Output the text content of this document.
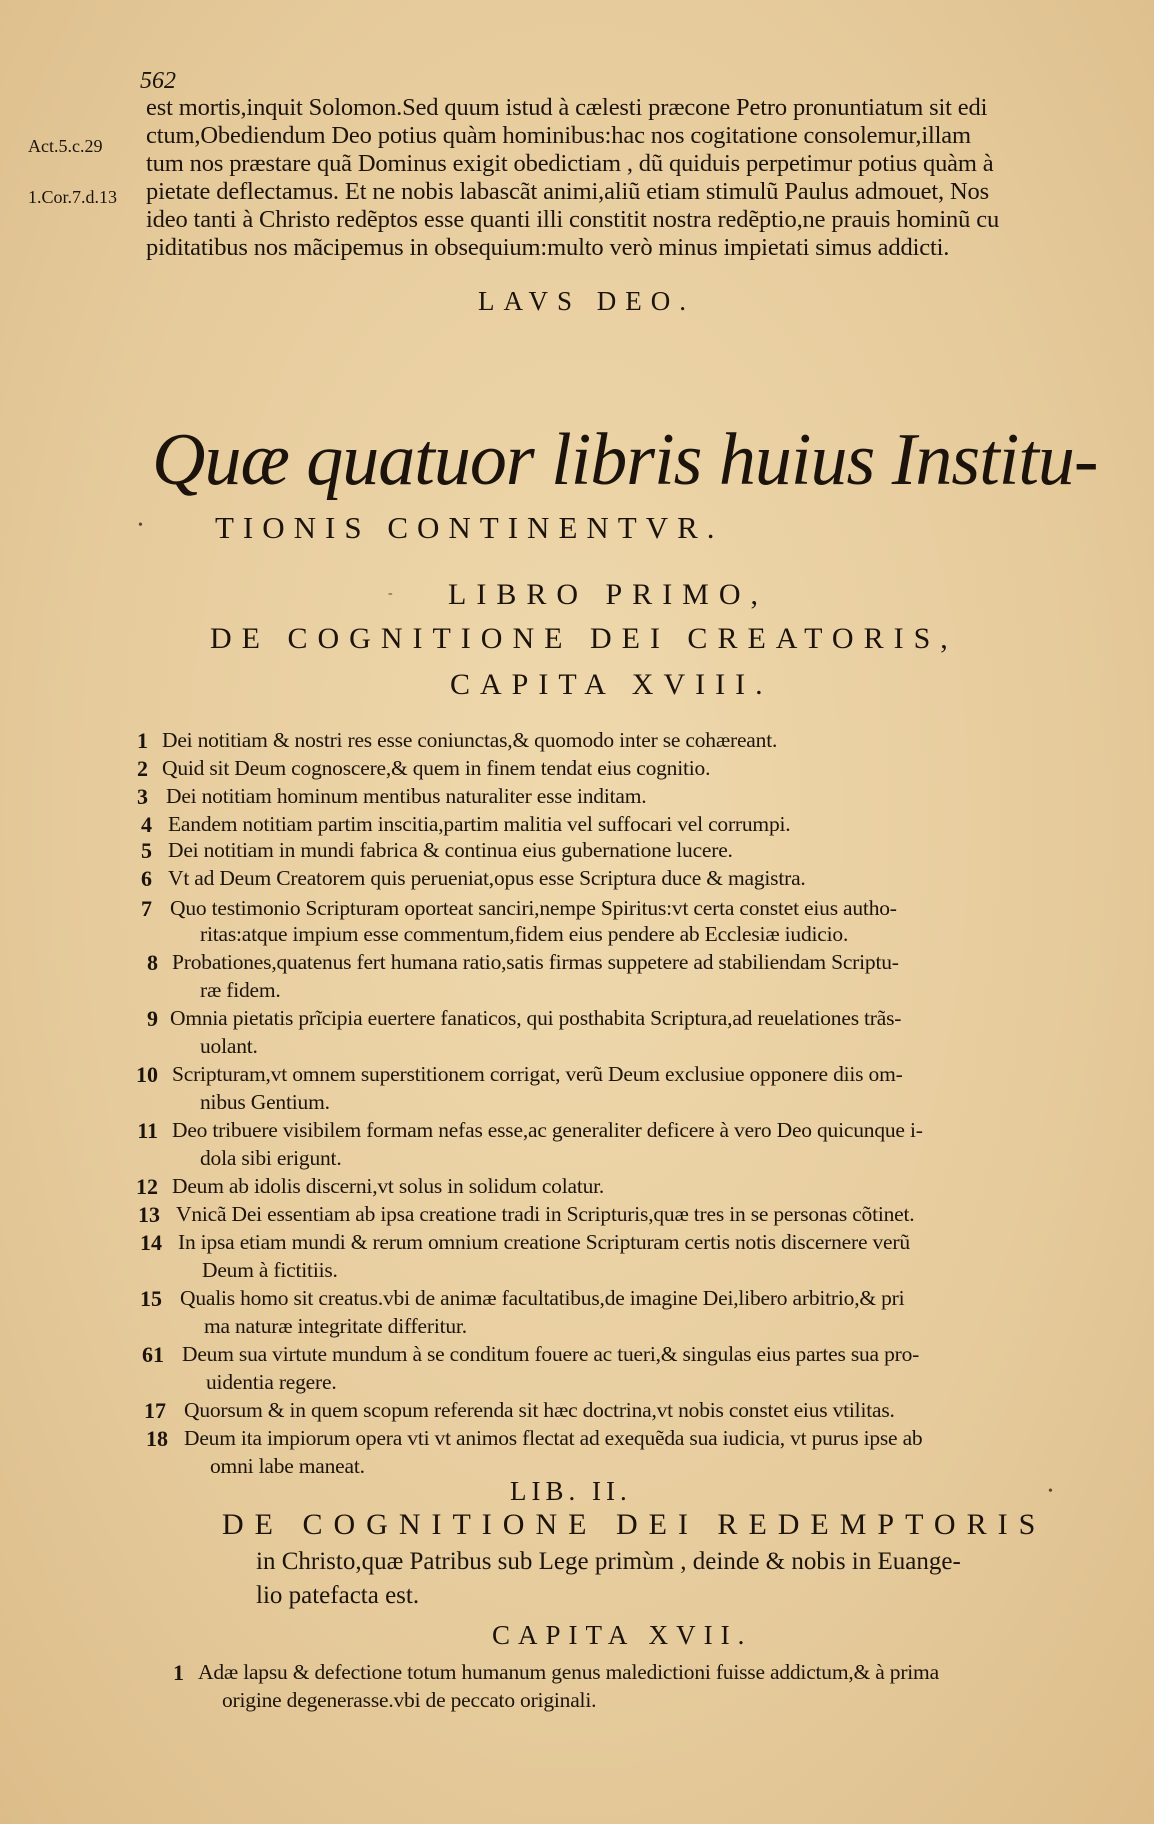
562
Act.5.c.29
1.Cor.7.d.13
est mortis,inquit Solomon.Sed quum istud à cælesti præcone Petro pronuntiatum sit edi
ctum,Obediendum Deo potius quàm hominibus:hac nos cogitatione consolemur,illam
tum nos præstare quã Dominus exigit obedictiam , dũ quiduis perpetimur potius quàm à
pietate deflectamus. Et ne nobis labascãt animi,aliũ etiam stimulũ Paulus admouet, Nos
ideo tanti à Christo redẽptos esse quanti illi constitit nostra redẽptio,ne prauis hominũ cu
piditatibus nos mãcipemus in obsequium:multo verò minus impietati simus addicti.
LAVS DEO.
Quæ quatuor libris huius Institu-
TIONIS CONTINENTVR.
LIBRO PRIMO,
DE COGNITIONE DEI CREATORIS,
CAPITA XVIII.
1 Dei notitiam & nostri res esse coniunctas,& quomodo inter se cohæreant.
2 Quid sit Deum cognoscere,& quem in finem tendat eius cognitio.
3 Dei notitiam hominum mentibus naturaliter esse inditam.
4 Eandem notitiam partim inscitia,partim malitia vel suffocari vel corrumpi.
5 Dei notitiam in mundi fabrica & continua eius gubernatione lucere.
6 Vt ad Deum Creatorem quis perueniat,opus esse Scriptura duce & magistra.
7 Quo testimonio Scripturam oporteat sanciri,nempe Spiritus:vt certa constet eius autho-
ritas:atque impium esse commentum,fidem eius pendere ab Ecclesiæ iudicio.
8 Probationes,quatenus fert humana ratio,satis firmas suppetere ad stabiliendam Scriptu-
ræ fidem.
9 Omnia pietatis prĩcipia euertere fanaticos, qui posthabita Scriptura,ad reuelationes trãs-
uolant.
10 Scripturam,vt omnem superstitionem corrigat, verũ Deum exclusiue opponere diis om-
nibus Gentium.
11 Deo tribuere visibilem formam nefas esse,ac generaliter deficere à vero Deo quicunque i-
dola sibi erigunt.
12 Deum ab idolis discerni,vt solus in solidum colatur.
13 Vnicã Dei essentiam ab ipsa creatione tradi in Scripturis,quæ tres in se personas cõtinet.
14 In ipsa etiam mundi & rerum omnium creatione Scripturam certis notis discernere verũ
Deum à fictitiis.
15 Qualis homo sit creatus.vbi de animæ facultatibus,de imagine Dei,libero arbitrio,& pri
ma naturæ integritate differitur.
61 Deum sua virtute mundum à se conditum fouere ac tueri,& singulas eius partes sua pro-
uidentia regere.
17 Quorsum & in quem scopum referenda sit hæc doctrina,vt nobis constet eius vtilitas.
18 Deum ita impiorum opera vti vt animos flectat ad exequẽda sua iudicia, vt purus ipse ab
omni labe maneat.
LIB. II.
DE COGNITIONE DEI REDEMPTORIS
in Christo,quæ Patribus sub Lege primùm , deinde & nobis in Euange-
lio patefacta est.
CAPITA XVII.
1 Adæ lapsu & defectione totum humanum genus maledictioni fuisse addictum,& à prima
origine degenerasse.vbi de peccato originali.
•
-
•
